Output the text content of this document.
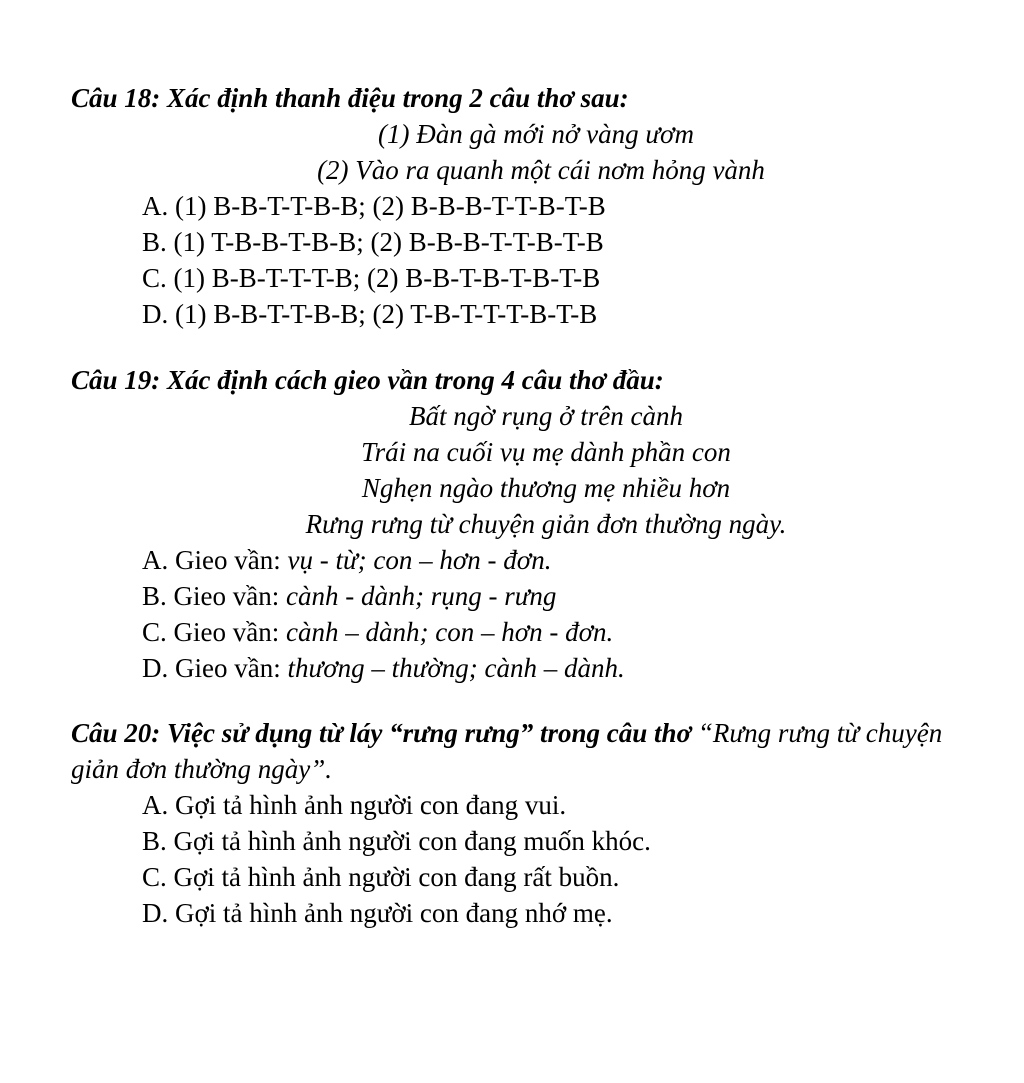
Câu 18: Xác định thanh điệu trong 2 câu thơ sau:
(1) Đàn gà mới nở vàng ươm
(2) Vào ra quanh một cái nơm hỏng vành
A. (1) B-B-T-T-B-B; (2) B-B-B-T-T-B-T-B
B. (1) T-B-B-T-B-B; (2) B-B-B-T-T-B-T-B
C. (1) B-B-T-T-T-B; (2) B-B-T-B-T-B-T-B
D. (1) B-B-T-T-B-B; (2) T-B-T-T-T-B-T-B
Câu 19: Xác định cách gieo vần trong 4 câu thơ đầu:
Bất ngờ rụng ở trên cành
Trái na cuối vụ mẹ dành phần con
Nghẹn ngào thương mẹ nhiều hơn
Rưng rưng từ chuyện giản đơn thường ngày.
A. Gieo vần: vụ - từ; con – hơn - đơn.
B. Gieo vần: cành - dành; rụng - rưng
C. Gieo vần: cành – dành; con – hơn - đơn.
D. Gieo vần: thương – thường; cành – dành.
Câu 20: Việc sử dụng từ láy “rưng rưng” trong câu thơ “Rưng rưng từ chuyện giản đơn thường ngày”.
A. Gợi tả hình ảnh người con đang vui.
B. Gợi tả hình ảnh người con đang muốn khóc.
C. Gợi tả hình ảnh người con đang rất buồn.
D. Gợi tả hình ảnh người con đang nhớ mẹ.
